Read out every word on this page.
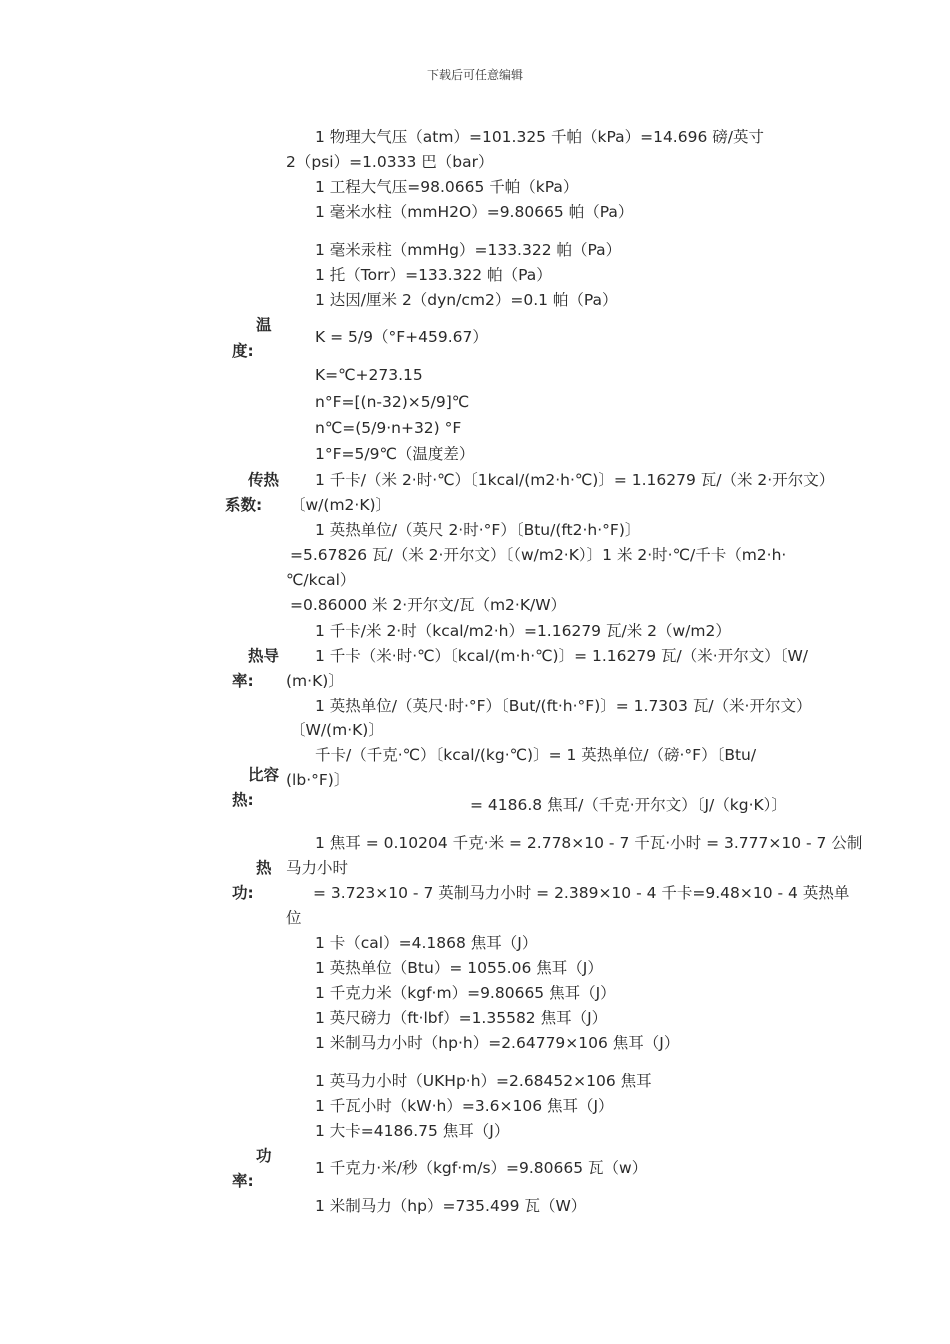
下载后可任意编辑
1 物理大气压（atm）=101.325 千帕（kPa）=14.696 磅/英寸
2（psi）=1.0333 巴（bar）
1 工程大气压=98.0665 千帕（kPa）
1 毫米水柱（mmH2O）=9.80665 帕（Pa）
1 毫米汞柱（mmHg）=133.322 帕（Pa）
1 托（Torr）=133.322 帕（Pa）
1 达因/厘米 2（dyn/cm2）=0.1 帕（Pa）
温
度:
K = 5/9（°F+459.67）
K=℃+273.15
n°F=[(n-32)×5/9]℃
n℃=(5/9·n+32) °F
1°F=5/9℃（温度差）
传热
系数:
1 千卡/（米 2·时·℃）〔1kcal/(m2·h·℃)〕= 1.16279 瓦/（米 2·开尔文）
〔w/(m2·K)〕
1 英热单位/（英尺 2·时·°F）〔Btu/(ft2·h·°F)〕
=5.67826 瓦/（米 2·开尔文）〔（w/m2·K）〕1 米 2·时·℃/千卡（m2·h·
℃/kcal）
=0.86000 米 2·开尔文/瓦（m2·K/W）
1 千卡/米 2·时（kcal/m2·h）=1.16279 瓦/米 2（w/m2）
热导
率:
1 千卡（米·时·℃）〔kcal/(m·h·℃)〕= 1.16279 瓦/（米·开尔文）〔W/
(m·K)〕
1 英热单位/（英尺·时·°F）〔But/(ft·h·°F)〕= 1.7303 瓦/（米·开尔文）
〔W/(m·K)〕
比容
热:
千卡/（千克·℃）〔kcal/(kg·℃)〕= 1 英热单位/（磅·°F）〔Btu/
(lb·°F)〕
= 4186.8 焦耳/（千克·开尔文）〔J/（kg·K）〕
热
功:
1 焦耳 = 0.10204 千克·米 = 2.778×10 - 7 千瓦·小时 = 3.777×10 - 7 公制
马力小时
= 3.723×10 - 7 英制马力小时 = 2.389×10 - 4 千卡=9.48×10 - 4 英热单
位
1 卡（cal）=4.1868 焦耳（J）
1 英热单位（Btu）= 1055.06 焦耳（J）
1 千克力米（kgf·m）=9.80665 焦耳（J）
1 英尺磅力（ft·lbf）=1.35582 焦耳（J）
1 米制马力小时（hp·h）=2.64779×106 焦耳（J）
1 英马力小时（UKHp·h）=2.68452×106 焦耳
1 千瓦小时（kW·h）=3.6×106 焦耳（J）
1 大卡=4186.75 焦耳（J）
功
率:
1 千克力·米/秒（kgf·m/s）=9.80665 瓦（w）
1 米制马力（hp）=735.499 瓦（W）
